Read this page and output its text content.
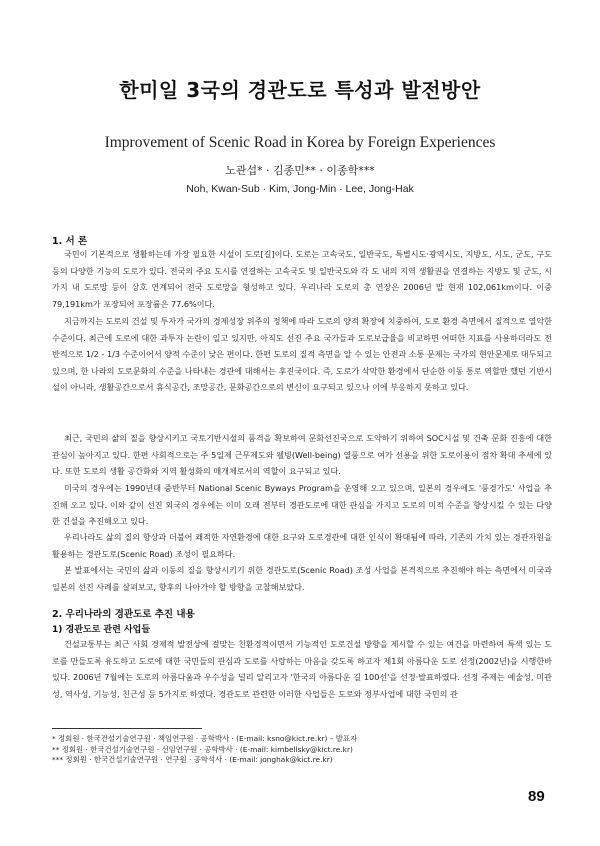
한미일 3국의 경관도로 특성과 발전방안
Improvement of Scenic Road in Korea by Foreign Experiences
노관섭* · 김종민** · 이종학***
Noh, Kwan-Sub · Kim, Jong-Min · Lee, Jong-Hak
1. 서 론

국민이 기본적으로 생활하는데 가장 필요한 시설이 도로[길]이다. 도로는 고속국도, 일반국도, 특별시도·광역시도, 지방도, 시도, 군도, 구도 등의 다양한 기능의 도로가 있다. 전국의 주요 도시를 연결하는 고속국도 및 일반국도와 각 도 내의 지역 생활권을 연결하는 지방도 및 군도, 시가지 내 도로망 등이 상호 연계되어 전국 도로망을 형성하고 있다. 우리나라 도로의 총 연장은 2006년 말 현재 102,061km이다. 이중 79,191km가 포장되어 포장률은 77.6%이다.

지금까지는 도로의 건설 및 투자가 국가의 경제성장 위주의 정책에 따라 도로의 양적 확장에 치중하여, 도로 환경 측면에서 질적으로 열악한 수준이다. 최근에 도로에 대한 과투자 논란이 일고 있지만, 아직도 선진 주요 국가들과 도로보급율을 비교하면 어떠한 지표를 사용하더라도 전반적으로 1/2 - 1/3 수준이어서 양적 수준이 낮은 편이다. 한편 도로의 질적 측면을 알 수 있는 안전과 소통 문제는 국가의 현안문제로 대두되고 있으며, 한 나라의 도로문화의 수준을 나타내는 경관에 대해서는 후진국이다. 즉, 도로가 삭막한 환경에서 단순한 이동 통로 역할만 했던 기반시설이 아니라, 생활공간으로서 휴식공간, 조망공간, 문화공간으로의 변신이 요구되고 있으나 이에 부응하지 못하고 있다.

최근, 국민의 삶의 질을 향상시키고 국토기반시설의 품격을 확보하여 문화선진국으로 도약하기 위하여 SOC시설 및 건축 문화 진흥에 대한 관심이 높아지고 있다. 한편 사회적으로는 주 5일제 근무제도와 웰빙(Well-being) 열풍으로 여가 선용을 위한 도로이용이 점차 확대 추세에 있다. 또한 도로의 생활 공간화와 지역 활성화의 매개체로서의 역할이 요구되고 있다.

미국의 경우에는 1990년대 중반부터 National Scenic Byways Program을 운영해 오고 있으며, 일본의 경우에도 '풍경가도' 사업을 추진해 오고 있다. 이와 같이 선진 외국의 경우에는 이미 오래 전부터 경관도로에 대한 관심을 가지고 도로의 미적 수준을 향상시킬 수 있는 다양한 건설을 추진해오고 있다.

우리나라도 삶의 질의 향상과 더불어 쾌적한 자연환경에 대한 요구와 도로경관에 대한 인식이 확대됨에 따라, 기존의 가치 있는 경관자원을 활용하는 경관도로(Scenic Road) 조성이 필요하다.

본 발표에서는 국민의 삶과 이동의 질을 향상시키기 위한 경관도로(Scenic Road) 조성 사업을 본격적으로 추진해야 하는 측면에서 미국과 일본의 선진 사례를 살펴보고, 향후의 나아가야 할 방향을 고찰해보았다.

2. 우리나라의 경관도로 추진 내용
1) 경관도로 관련 사업들

건설교통부는 최근 사회 경제적 발전상에 걸맞는 친환경적이면서 기능적인 도로건설 방향을 제시할 수 있는 여건을 마련하여 특색 있는 도로를 만들도록 유도하고 도로에 대한 국민들의 관심과 도로를 사랑하는 마음을 갖도록 하고자 제1회 아름다운 도로 선정(2002년)을 시행한바 있다. 2006년 7월에는 도로의 아름다움과 우수성을 널리 알리고자 '한국의 아름다운 길 100선'을 선정·발표하였다. 선정 주제는 예술성, 미관성, 역사성, 기능성, 친근성 등 5가지로 하였다. 경관도로 관련한 이러한 사업들은 도로와 정부사업에 대한 국민의 관

* 정회원 · 한국건설기술연구원 · 책임연구원 · 공학박사 · (E-mail: ksno@kict.re.kr) – 발표자
** 정회원 · 한국건설기술연구원 · 선임연구원 · 공학박사 · (E-mail: kimbellsky@kict.re.kr)
*** 정회원 · 한국건설기술연구원 · 연구원 · 공학석사 · (E-mail: jonghak@kict.re.kr)
89
